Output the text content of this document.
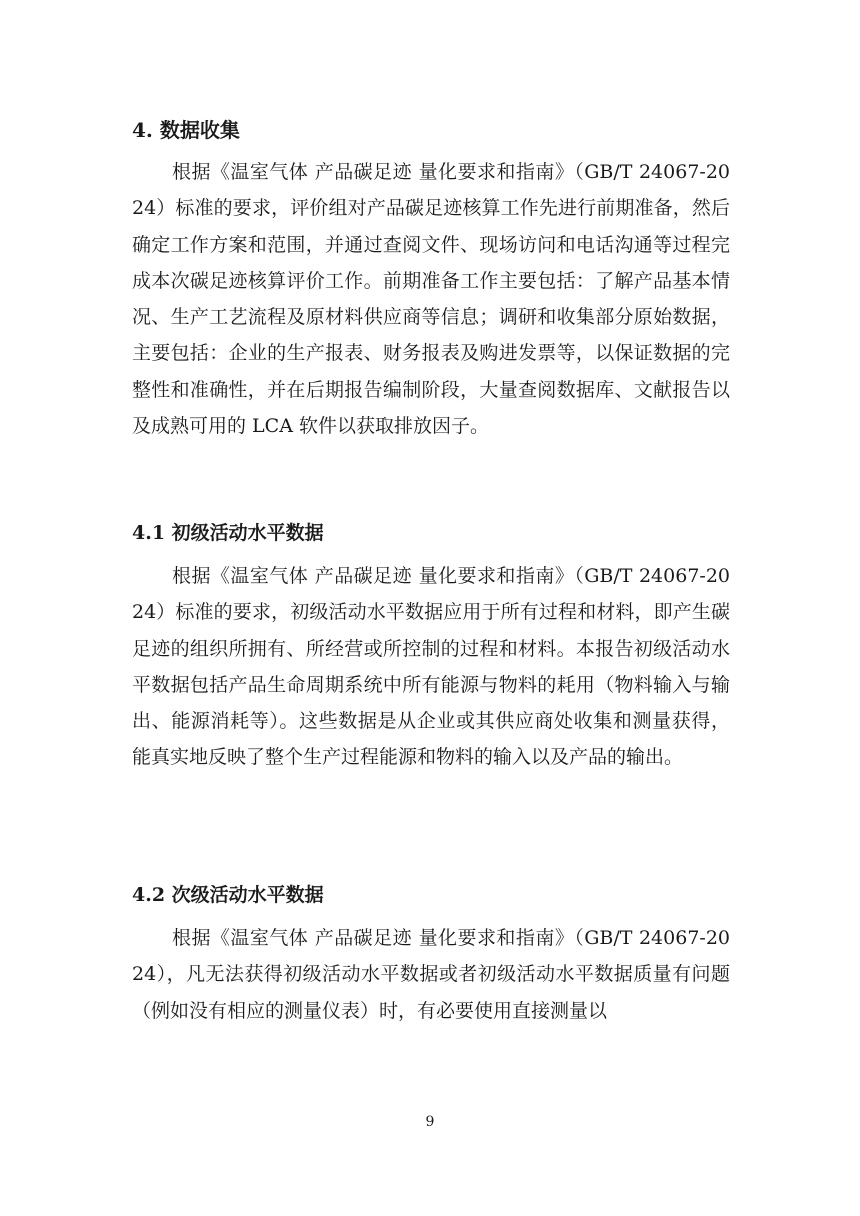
4. 数据收集

根据《温室气体 产品碳足迹 量化要求和指南》（GB/T 24067-2024）标准的要求，评价组对产品碳足迹核算工作先进行前期准备，然后确定工作方案和范围，并通过查阅文件、现场访问和电话沟通等过程完成本次碳足迹核算评价工作。前期准备工作主要包括：了解产品基本情况、生产工艺流程及原材料供应商等信息；调研和收集部分原始数据，主要包括：企业的生产报表、财务报表及购进发票等，以保证数据的完整性和准确性，并在后期报告编制阶段，大量查阅数据库、文献报告以及成熟可用的 LCA 软件以获取排放因子。

4.1 初级活动水平数据

根据《温室气体 产品碳足迹 量化要求和指南》（GB/T 24067-2024）标准的要求，初级活动水平数据应用于所有过程和材料，即产生碳足迹的组织所拥有、所经营或所控制的过程和材料。本报告初级活动水平数据包括产品生命周期系统中所有能源与物料的耗用（物料输入与输出、能源消耗等）。这些数据是从企业或其供应商处收集和测量获得，能真实地反映了整个生产过程能源和物料的输入以及产品的输出。

4.2 次级活动水平数据

根据《温室气体 产品碳足迹 量化要求和指南》（GB/T 24067-2024），凡无法获得初级活动水平数据或者初级活动水平数据质量有问题（例如没有相应的测量仪表）时，有必要使用直接测量以

9
